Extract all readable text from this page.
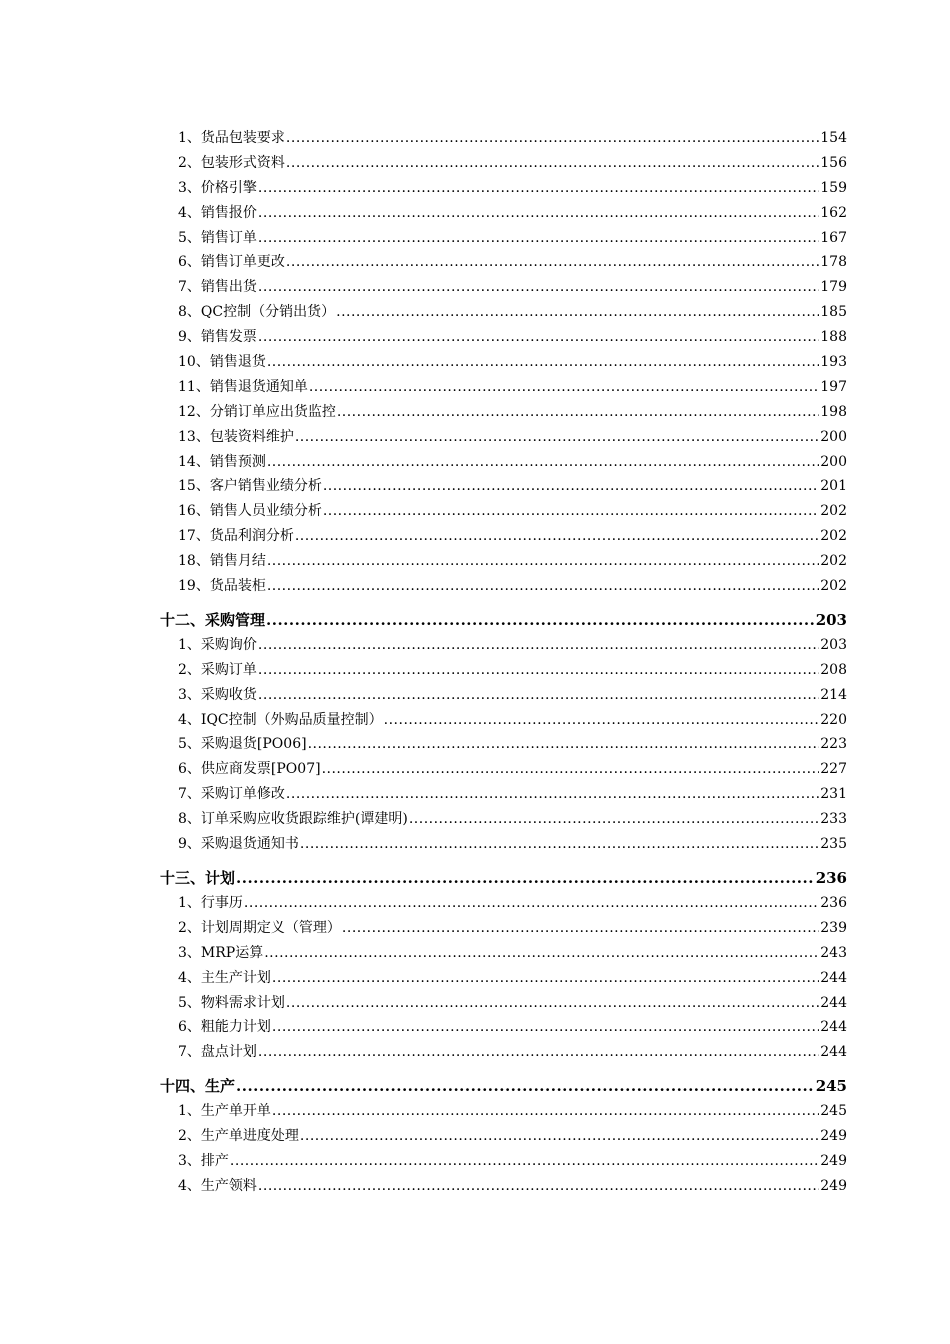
1、 货品包装要求 .....	154
2、 包装形式资料 .....	156
3、 价格引擎 .....	159
4、 销售报价 .....	162
5、 销售订单 .....	167
6、 销售订单更改 .....	178
7、 销售出货 .....	179
8、 QC控制（分销出货） .....	185
9、 销售发票 .....	188
10、 销售退货 .....	193
11、 销售退货通知单 .....	197
12、 分销订单应出货监控 .....	198
13、 包装资料维护 .....	200
14、 销售预测 .....	200
15、 客户销售业绩分析 .....	201
16、 销售人员业绩分析 .....	202
17、 货品利润分析 .....	202
18、 销售月结 .....	202
19、 货品装柜 .....	202
十二、采购管理 .....	203
1、 采购询价 .....	203
2、 采购订单 .....	208
3、 采购收货 .....	214
4、 IQC控制（外购品质量控制） .....	220
5、 采购退货[PO06] .....	223
6、 供应商发票[PO07] .....	227
7、 采购订单修改 .....	231
8、 订单采购应收货跟踪维护(谭建明) .....	233
9、 采购退货通知书 .....	235
十三、计划 .....	236
1、 行事历 .....	236
2、 计划周期定义（管理） .....	239
3、 MRP运算 .....	243
4、 主生产计划 .....	244
5、 物料需求计划 .....	244
6、 粗能力计划 .....	244
7、 盘点计划 .....	244
十四、生产 .....	245
1、 生产单开单 .....	245
2、 生产单进度处理 .....	249
3、 排产 .....	249
4、 生产领料 .....	249
